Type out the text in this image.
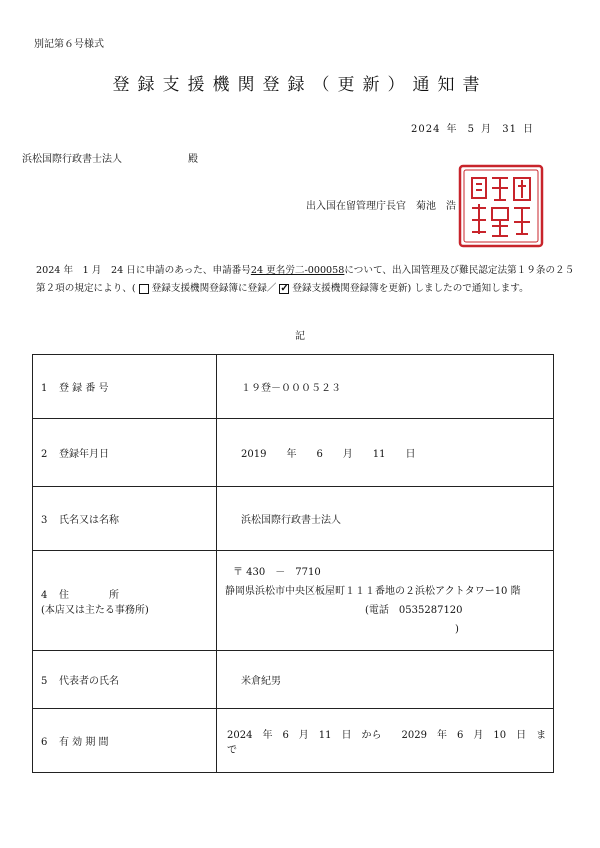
別記第６号様式
登録支援機関登録（更新）通知書
2024 年 5 月 31 日
浜松国際行政書士法人	殿
出入国在留管理庁長官　菊池　浩
2024 年　1 月　24 日に申請のあった、申請番号24 更名労二-000058について、出入国管理及び難民認定法第１９条の２５第２項の規定により、( 登録支援機関登録簿に登録／ ✓ 登録支援機関登録簿を更新) しましたので通知します。
記
1 登 録 番 号	１９登－０００５２３
2 登録年月日	2019　　年　　6　　月　　11　　日
3 氏名又は名称	浜松国際行政書士法人
4 住　　　　所
(本店又は主たる事務所)	〒 430　－　7710
静岡県浜松市中央区板屋町１１１番地の２浜松アクトタワー10 階
(電話　 0535287120)

5 代表者の氏名	米倉紀男
6 有 効 期 間	2024　年　6　月　11　日　から　　2029　年　6　月　10　日　まで
